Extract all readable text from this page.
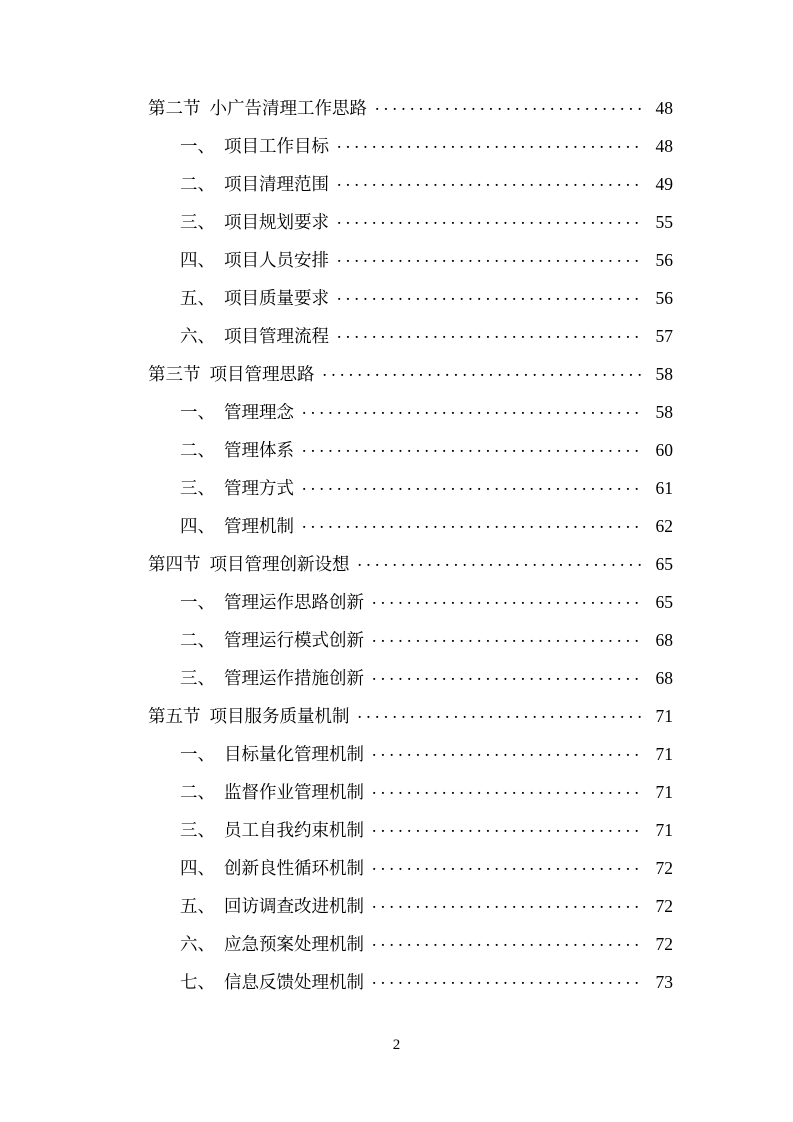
第二节 小广告清理工作思路 . . .	48
一、 项目工作目标 . . .	48
二、 项目清理范围 . . .	49
三、 项目规划要求 . . .	55
四、 项目人员安排 . . .	56
五、 项目质量要求 . . .	56
六、 项目管理流程 . . .	57
第三节 项目管理思路 . . .	58
一、 管理理念 . . .	58
二、 管理体系 . . .	60
三、 管理方式 . . .	61
四、 管理机制 . . .	62
第四节 项目管理创新设想 . . .	65
一、 管理运作思路创新 . . .	65
二、 管理运行模式创新 . . .	68
三、 管理运作措施创新 . . .	68
第五节 项目服务质量机制 . . .	71
一、 目标量化管理机制 . . .	71
二、 监督作业管理机制 . . .	71
三、 员工自我约束机制 . . .	71
四、 创新良性循环机制 . . .	72
五、 回访调查改进机制 . . .	72
六、 应急预案处理机制 . . .	72
七、 信息反馈处理机制 . . .	73
2
